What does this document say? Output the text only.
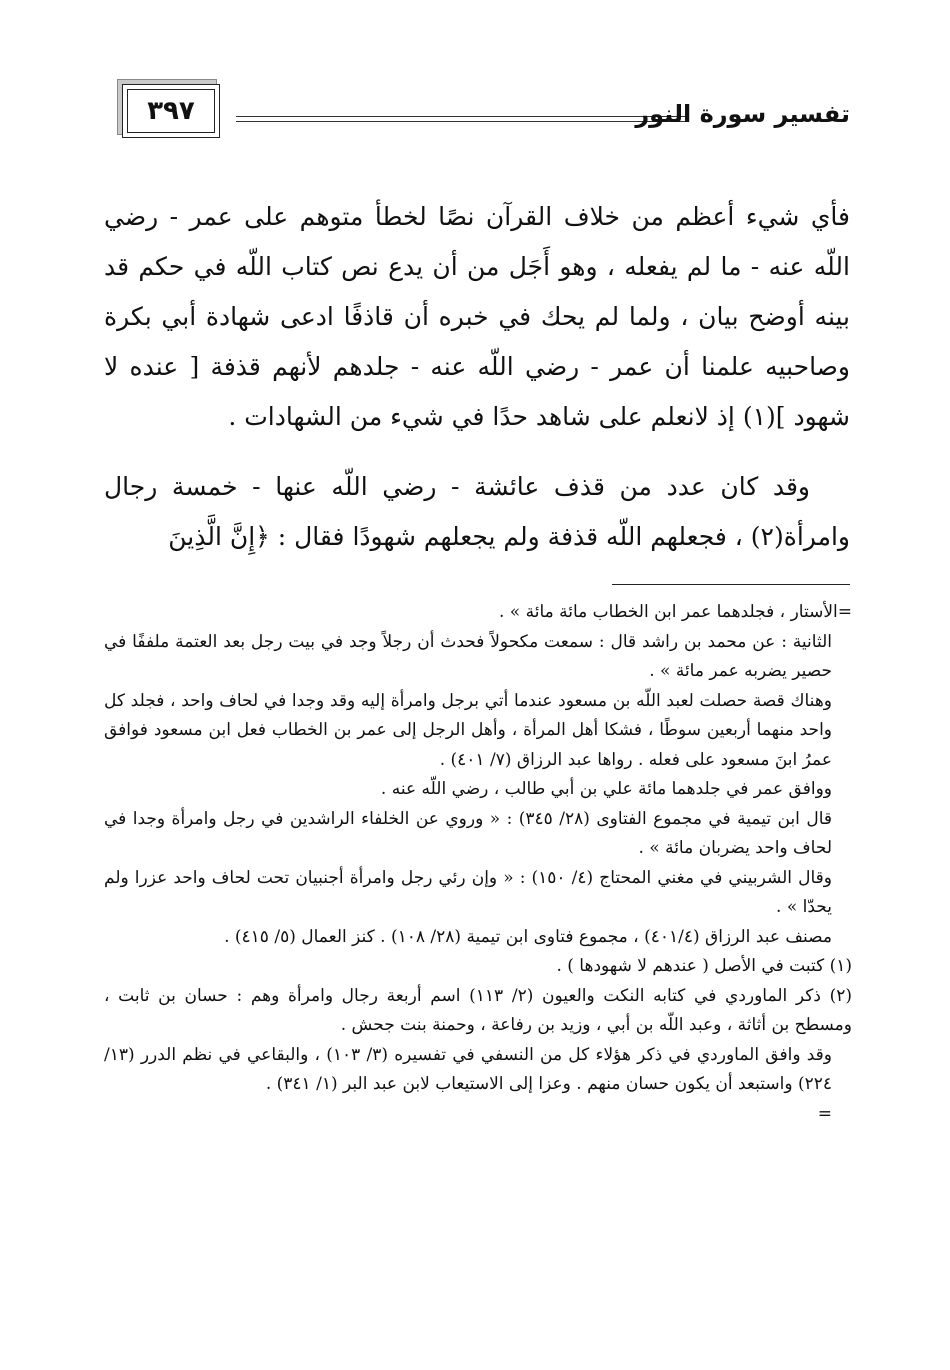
٣٩٧	تفسير سورة النور

فأي شيء أعظم من خلاف القرآن نصًا لخطأ متوهم على عمر - رضي اللّه عنه - ما لم يفعله ، وهو أَجَل من أن يدع نص كتاب اللّه في حكم قد بينه أوضح بيان ، ولما لم يحك في خبره أن قاذفًا ادعى شهادة أبي بكرة وصاحبيه علمنا أن عمر - رضي اللّه عنه - جلدهم لأنهم قذفة [ عنده لا شهود ](١) إذ لانعلم على شاهد حدًا في شيء من الشهادات .

وقد كان عدد من قذف عائشة - رضي اللّه عنها - خمسة رجال وامرأة(٢) ، فجعلهم اللّه قذفة ولم يجعلهم شهودًا فقال : ﴿إِنَّ الَّذِينَ

=الأستار ، فجلدهما عمر ابن الخطاب مائة مائة » .

الثانية : عن محمد بن راشد قال : سمعت مكحولاً فحدث أن رجلاً وجد في بيت رجل بعد العتمة ملففًا في حصير يضربه عمر مائة » .

وهناك قصة حصلت لعبد اللّه بن مسعود عندما أتي برجل وامرأة إليه وقد وجدا في لحاف واحد ، فجلد كل واحد منهما أربعين سوطًا ، فشكا أهل المرأة ، وأهل الرجل إلى عمر بن الخطاب فعل ابن مسعود فوافق عمرُ ابنَ مسعود على فعله . رواها عبد الرزاق (٧/ ٤٠١) .

ووافق عمر في جلدهما مائة علي بن أبي طالب ، رضي اللّه عنه .

قال ابن تيمية في مجموع الفتاوى (٢٨/ ٣٤٥) : « وروي عن الخلفاء الراشدين في رجل وامرأة وجدا في لحاف واحد يضربان مائة » .

وقال الشربيني في مغني المحتاج (٤/ ١٥٠) : « وإن رئي رجل وامرأة أجنبيان تحت لحاف واحد عزرا ولم يحدّا » .

مصنف عبد الرزاق (٤٠١/٤) ، مجموع فتاوى ابن تيمية (٢٨/ ١٠٨) . كنز العمال (٥/ ٤١٥) .

(١) كتبت في الأصل ( عندهم لا شهودها ) .

(٢) ذكر الماوردي في كتابه النكت والعيون (٢/ ١١٣) اسم أربعة رجال وامرأة وهم : حسان بن ثابت ، ومسطح بن أثاثة ، وعبد اللّه بن أبي ، وزيد بن رفاعة ، وحمنة بنت جحش .

وقد وافق الماوردي في ذكر هؤلاء كل من النسفي في تفسيره (٣/ ١٠٣) ، والبقاعي في نظم الدرر (١٣/ ٢٢٤) واستبعد أن يكون حسان منهم . وعزا إلى الاستيعاب لابن عبد البر (١/ ٣٤١) .

=
